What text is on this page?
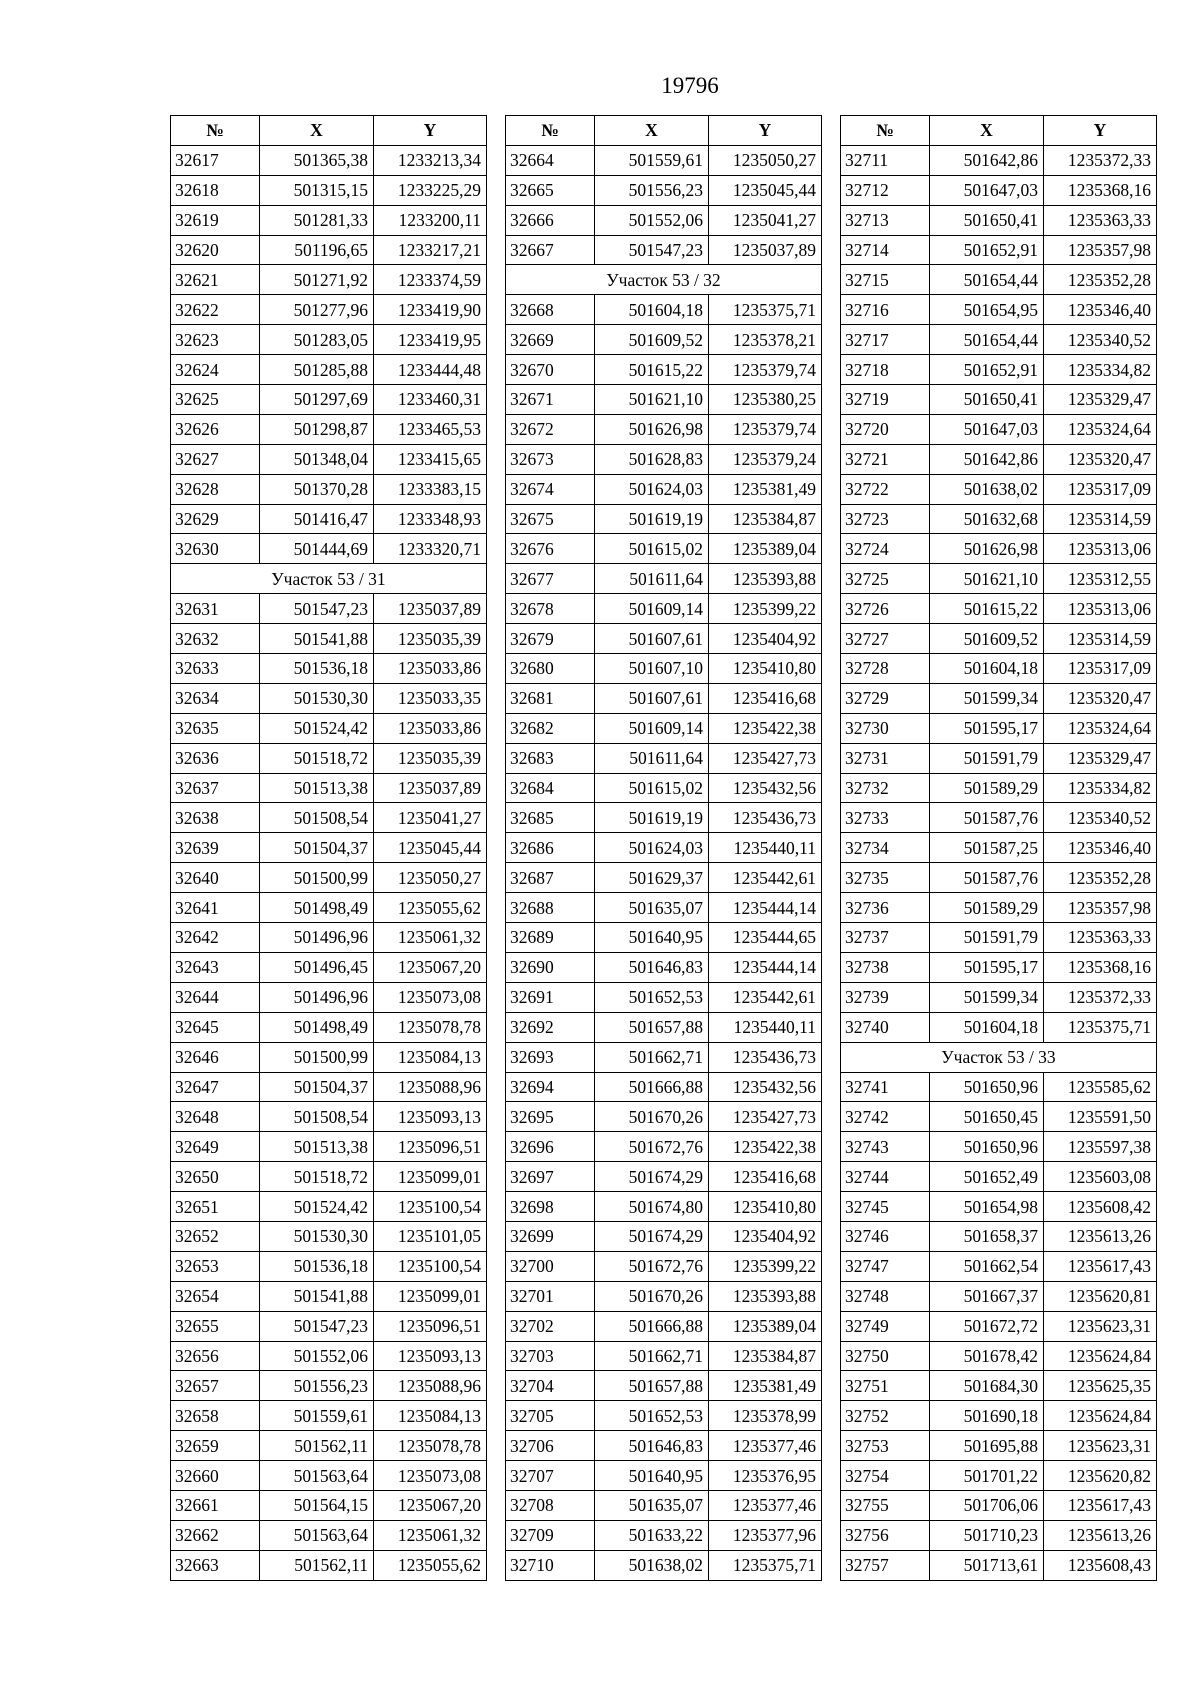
19796
№	X	Y
32617	501365,38	1233213,34
32618	501315,15	1233225,29
32619	501281,33	1233200,11
32620	501196,65	1233217,21
32621	501271,92	1233374,59
32622	501277,96	1233419,90
32623	501283,05	1233419,95
32624	501285,88	1233444,48
32625	501297,69	1233460,31
32626	501298,87	1233465,53
32627	501348,04	1233415,65
32628	501370,28	1233383,15
32629	501416,47	1233348,93
32630	501444,69	1233320,71
Участок 53 / 31		
32631	501547,23	1235037,89
32632	501541,88	1235035,39
32633	501536,18	1235033,86
32634	501530,30	1235033,35
32635	501524,42	1235033,86
32636	501518,72	1235035,39
32637	501513,38	1235037,89
32638	501508,54	1235041,27
32639	501504,37	1235045,44
32640	501500,99	1235050,27
32641	501498,49	1235055,62
32642	501496,96	1235061,32
32643	501496,45	1235067,20
32644	501496,96	1235073,08
32645	501498,49	1235078,78
32646	501500,99	1235084,13
32647	501504,37	1235088,96
32648	501508,54	1235093,13
32649	501513,38	1235096,51
32650	501518,72	1235099,01
32651	501524,42	1235100,54
32652	501530,30	1235101,05
32653	501536,18	1235100,54
32654	501541,88	1235099,01
32655	501547,23	1235096,51
32656	501552,06	1235093,13
32657	501556,23	1235088,96
32658	501559,61	1235084,13
32659	501562,11	1235078,78
32660	501563,64	1235073,08
32661	501564,15	1235067,20
32662	501563,64	1235061,32
32663	501562,11	1235055,62
№	X	Y
32664	501559,61	1235050,27
32665	501556,23	1235045,44
32666	501552,06	1235041,27
32667	501547,23	1235037,89
Участок 53 / 32		
32668	501604,18	1235375,71
32669	501609,52	1235378,21
32670	501615,22	1235379,74
32671	501621,10	1235380,25
32672	501626,98	1235379,74
32673	501628,83	1235379,24
32674	501624,03	1235381,49
32675	501619,19	1235384,87
32676	501615,02	1235389,04
32677	501611,64	1235393,88
32678	501609,14	1235399,22
32679	501607,61	1235404,92
32680	501607,10	1235410,80
32681	501607,61	1235416,68
32682	501609,14	1235422,38
32683	501611,64	1235427,73
32684	501615,02	1235432,56
32685	501619,19	1235436,73
32686	501624,03	1235440,11
32687	501629,37	1235442,61
32688	501635,07	1235444,14
32689	501640,95	1235444,65
32690	501646,83	1235444,14
32691	501652,53	1235442,61
32692	501657,88	1235440,11
32693	501662,71	1235436,73
32694	501666,88	1235432,56
32695	501670,26	1235427,73
32696	501672,76	1235422,38
32697	501674,29	1235416,68
32698	501674,80	1235410,80
32699	501674,29	1235404,92
32700	501672,76	1235399,22
32701	501670,26	1235393,88
32702	501666,88	1235389,04
32703	501662,71	1235384,87
32704	501657,88	1235381,49
32705	501652,53	1235378,99
32706	501646,83	1235377,46
32707	501640,95	1235376,95
32708	501635,07	1235377,46
32709	501633,22	1235377,96
32710	501638,02	1235375,71
№	X	Y
32711	501642,86	1235372,33
32712	501647,03	1235368,16
32713	501650,41	1235363,33
32714	501652,91	1235357,98
32715	501654,44	1235352,28
32716	501654,95	1235346,40
32717	501654,44	1235340,52
32718	501652,91	1235334,82
32719	501650,41	1235329,47
32720	501647,03	1235324,64
32721	501642,86	1235320,47
32722	501638,02	1235317,09
32723	501632,68	1235314,59
32724	501626,98	1235313,06
32725	501621,10	1235312,55
32726	501615,22	1235313,06
32727	501609,52	1235314,59
32728	501604,18	1235317,09
32729	501599,34	1235320,47
32730	501595,17	1235324,64
32731	501591,79	1235329,47
32732	501589,29	1235334,82
32733	501587,76	1235340,52
32734	501587,25	1235346,40
32735	501587,76	1235352,28
32736	501589,29	1235357,98
32737	501591,79	1235363,33
32738	501595,17	1235368,16
32739	501599,34	1235372,33
32740	501604,18	1235375,71
Участок 53 / 33		
32741	501650,96	1235585,62
32742	501650,45	1235591,50
32743	501650,96	1235597,38
32744	501652,49	1235603,08
32745	501654,98	1235608,42
32746	501658,37	1235613,26
32747	501662,54	1235617,43
32748	501667,37	1235620,81
32749	501672,72	1235623,31
32750	501678,42	1235624,84
32751	501684,30	1235625,35
32752	501690,18	1235624,84
32753	501695,88	1235623,31
32754	501701,22	1235620,82
32755	501706,06	1235617,43
32756	501710,23	1235613,26
32757	501713,61	1235608,43
